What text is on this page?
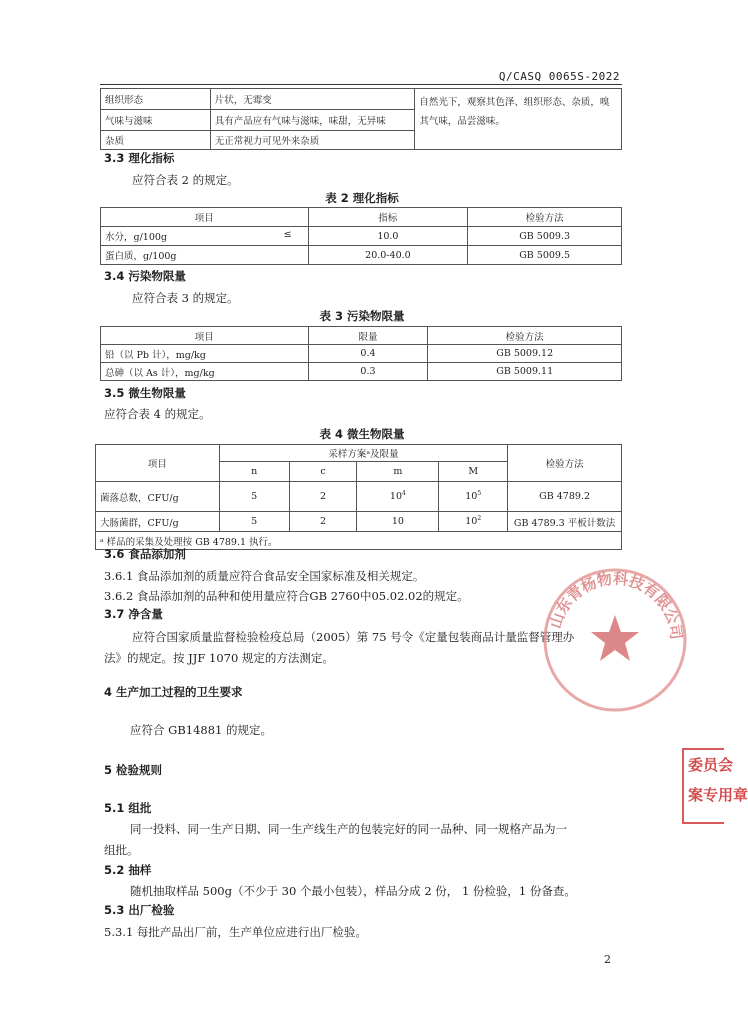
Q/CASQ 0065S-2022
组织形态	片状，无霉变	自然光下，观察其色泽、组织形态、杂质，嗅其气味，品尝滋味。
气味与滋味	具有产品应有气味与滋味，味甜，无异味	
杂质	无正常视力可见外来杂质	
3.3 理化指标
应符合表 2 的规定。
表 2 理化指标
项目	指标	检验方法
水分，g/100g ≤	10.0	GB 5009.3
蛋白质，g/100g	20.0-40.0	GB 5009.5
3.4 污染物限量
应符合表 3 的规定。
表 3 污染物限量
项目	限量	检验方法
铅（以 Pb 计），mg/kg	0.4	GB 5009.12
总砷（以 As 计），mg/kg	0.3	GB 5009.11
3.5 微生物限量
应符合表 4 的规定。
表 4 微生物限量
项目	采样方案ᵃ及限量				检验方法
	n	c	m	M	
菌落总数，CFU/g	5	2	$10^4$	$10^5$	GB 4789.2
大肠菌群，CFU/g	5	2	10	$10^2$	GB 4789.3 平板计数法
ᵃ 样品的采集及处理按 GB 4789.1 执行。					
3.6 食品添加剂
3.6.1 食品添加剂的质量应符合食品安全国家标准及相关规定。
3.6.2 食品添加剂的品种和使用量应符合GB 2760中05.02.02的规定。
3.7 净含量
应符合国家质量监督检验检疫总局（2005）第 75 号令《定量包装商品计量监督管理办
法》的规定。按 JJF 1070 规定的方法测定。
4 生产加工过程的卫生要求
应符合 GB14881 的规定。
5 检验规则
5.1 组批
同一投料、同一生产日期、同一生产线生产的包装完好的同一品种、同一规格产品为一
组批。
5.2 抽样
随机抽取样品 500g（不少于 30 个最小包装），样品分成 2 份， 1 份检验，1 份备查。
5.3 出厂检验
5.3.1 每批产品出厂前，生产单位应进行出厂检验。
山东青杨物科技有限公司
委员会
案专用章
2
